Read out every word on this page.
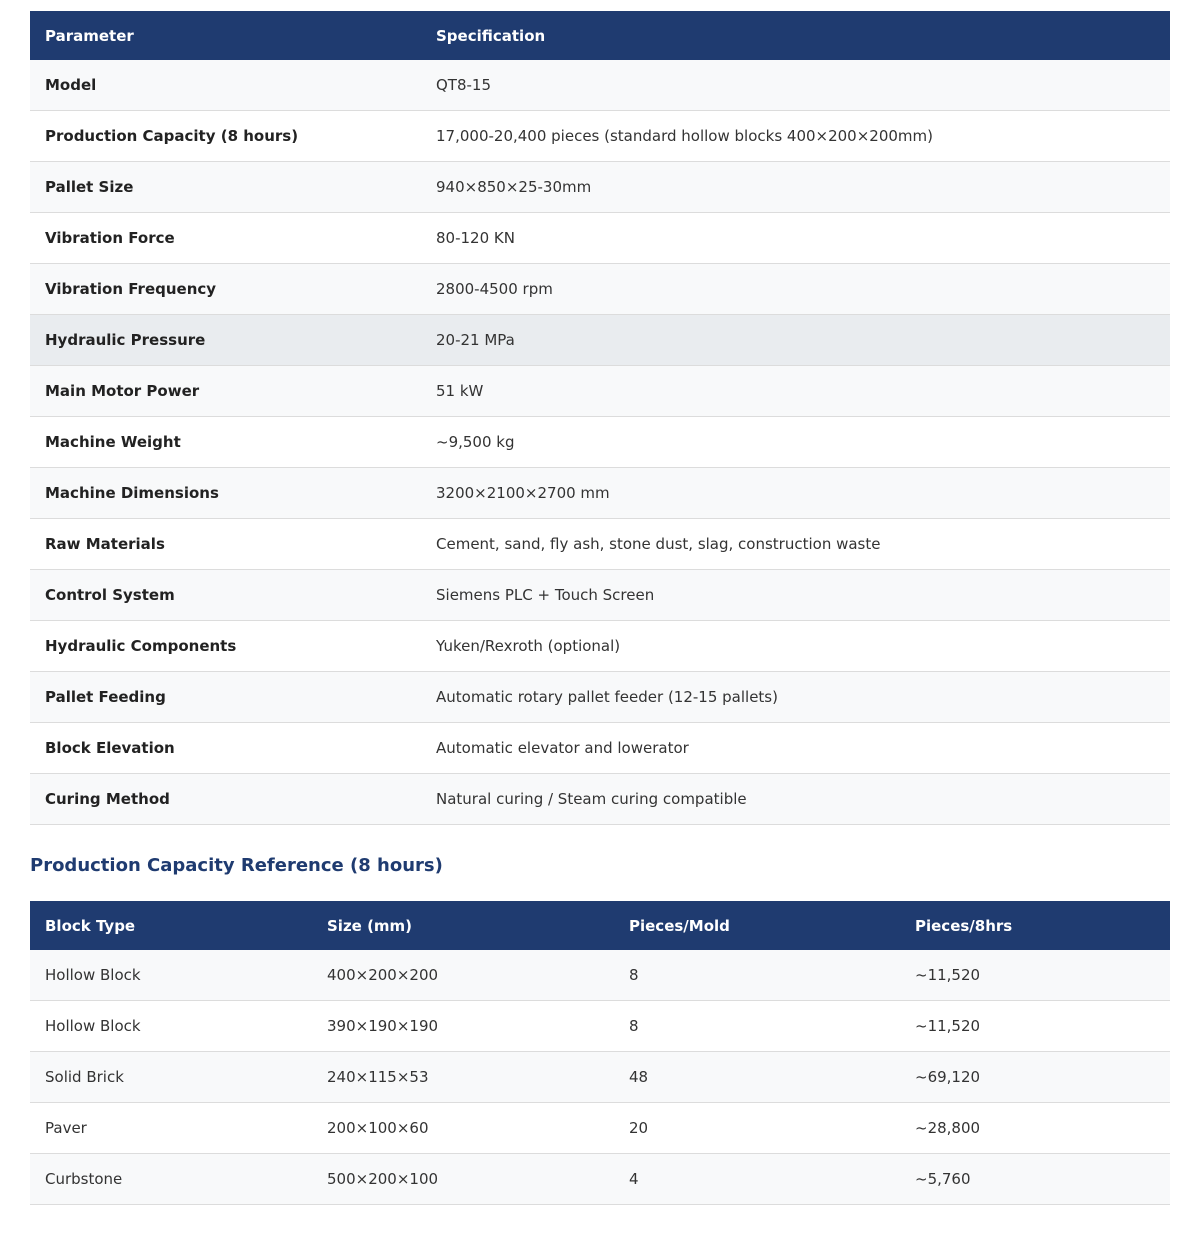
Parameter	Specification
Model	QT8-15
Production Capacity (8 hours)	17,000-20,400 pieces (standard hollow blocks 400×200×200mm)
Pallet Size	940×850×25-30mm
Vibration Force	80-120 KN
Vibration Frequency	2800-4500 rpm
Hydraulic Pressure	20-21 MPa
Main Motor Power	51 kW
Machine Weight	~9,500 kg
Machine Dimensions	3200×2100×2700 mm
Raw Materials	Cement, sand, fly ash, stone dust, slag, construction waste
Control System	Siemens PLC + Touch Screen
Hydraulic Components	Yuken/Rexroth (optional)
Pallet Feeding	Automatic rotary pallet feeder (12-15 pallets)
Block Elevation	Automatic elevator and lowerator
Curing Method	Natural curing / Steam curing compatible
Production Capacity Reference (8 hours)
Block Type	Size (mm)	Pieces/Mold	Pieces/8hrs
Hollow Block	400×200×200	8	~11,520
Hollow Block	390×190×190	8	~11,520
Solid Brick	240×115×53	48	~69,120
Paver	200×100×60	20	~28,800
Curbstone	500×200×100	4	~5,760
